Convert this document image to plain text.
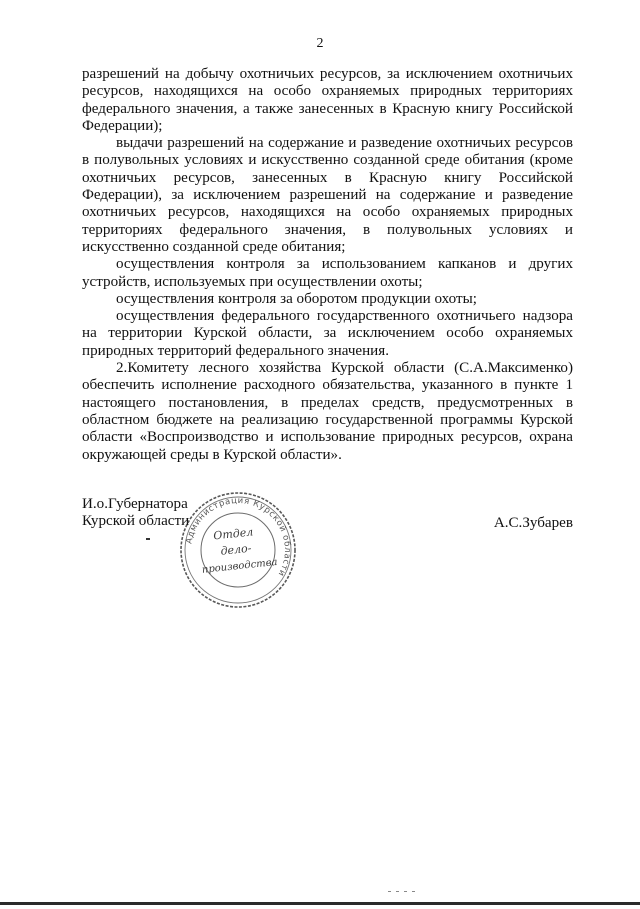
2

разрешений на добычу охотничьих ресурсов, за исключением охотничьих ресурсов, находящихся на особо охраняемых природных территориях федерального значения, а также занесенных в Красную книгу Российской Федерации);

выдачи разрешений на содержание и разведение охотничьих ресурсов в полувольных условиях и искусственно созданной среде обитания (кроме охотничьих ресурсов, занесенных в Красную книгу Российской Федерации), за исключением разрешений на содержание и разведение охотничьих ресурсов, находящихся на особо охраняемых природных территориях федерального значения, в полувольных условиях и искусственно созданной среде обитания;

осуществления контроля за использованием капканов и других устройств, используемых при осуществлении охоты;

осуществления контроля за оборотом продукции охоты;

осуществления федерального государственного охотничьего надзора на территории Курской области, за исключением особо охраняемых природных территорий федерального значения.

2.Комитету лесного хозяйства Курской области (С.А.Максименко) обеспечить исполнение расходного обязательства, указанного в пункте 1 настоящего постановления, в пределах средств, предусмотренных в областном бюджете на реализацию государственной программы Курской области «Воспроизводство и использование природных ресурсов, охрана окружающей среды в Курской области».

И.о.Губернатора
Курской области
Администрация Курской области
Отдел
дело-
производства
А.С.Зубарев
